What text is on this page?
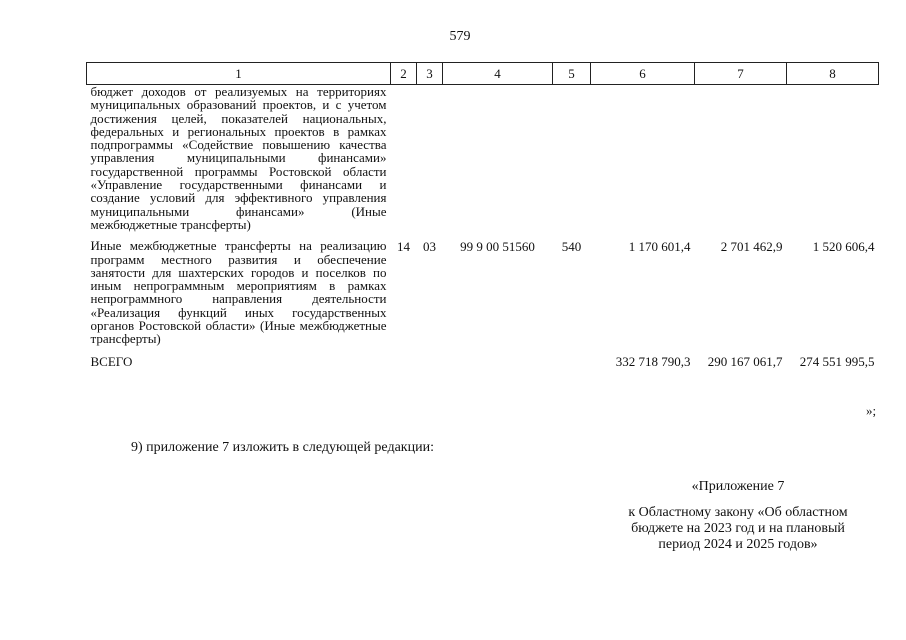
579
1	2	3	4	5	6	7	8
бюджет доходов от реализуемых на территориях муниципальных образований проектов, и с учетом достижения целей, показателей национальных, федеральных и региональных проектов в рамках подпрограммы «Содействие повышению качества управления муниципальными финансами» государственной программы Ростовской области «Управление государственными финансами и создание условий для эффективного управления муниципальными финансами» (Иные межбюджетные трансферты)							
Иные межбюджетные трансферты на реализацию программ местного развития и обеспечение занятости для шахтерских городов и поселков по иным непрограммным мероприятиям в рамках непрограммного направления деятельности «Реализация функций иных государственных органов Ростовской области» (Иные межбюджетные трансферты)	14	03	99 9 00 51560	540	1 170 601,4	2 701 462,9	1 520 606,4
ВСЕГО					332 718 790,3	290 167 061,7	274 551 995,5
»;
9) приложение 7 изложить в следующей редакции:
«Приложение 7
к Областному закону «Об областном
бюджете на 2023 год и на плановый
период 2024 и 2025 годов»
